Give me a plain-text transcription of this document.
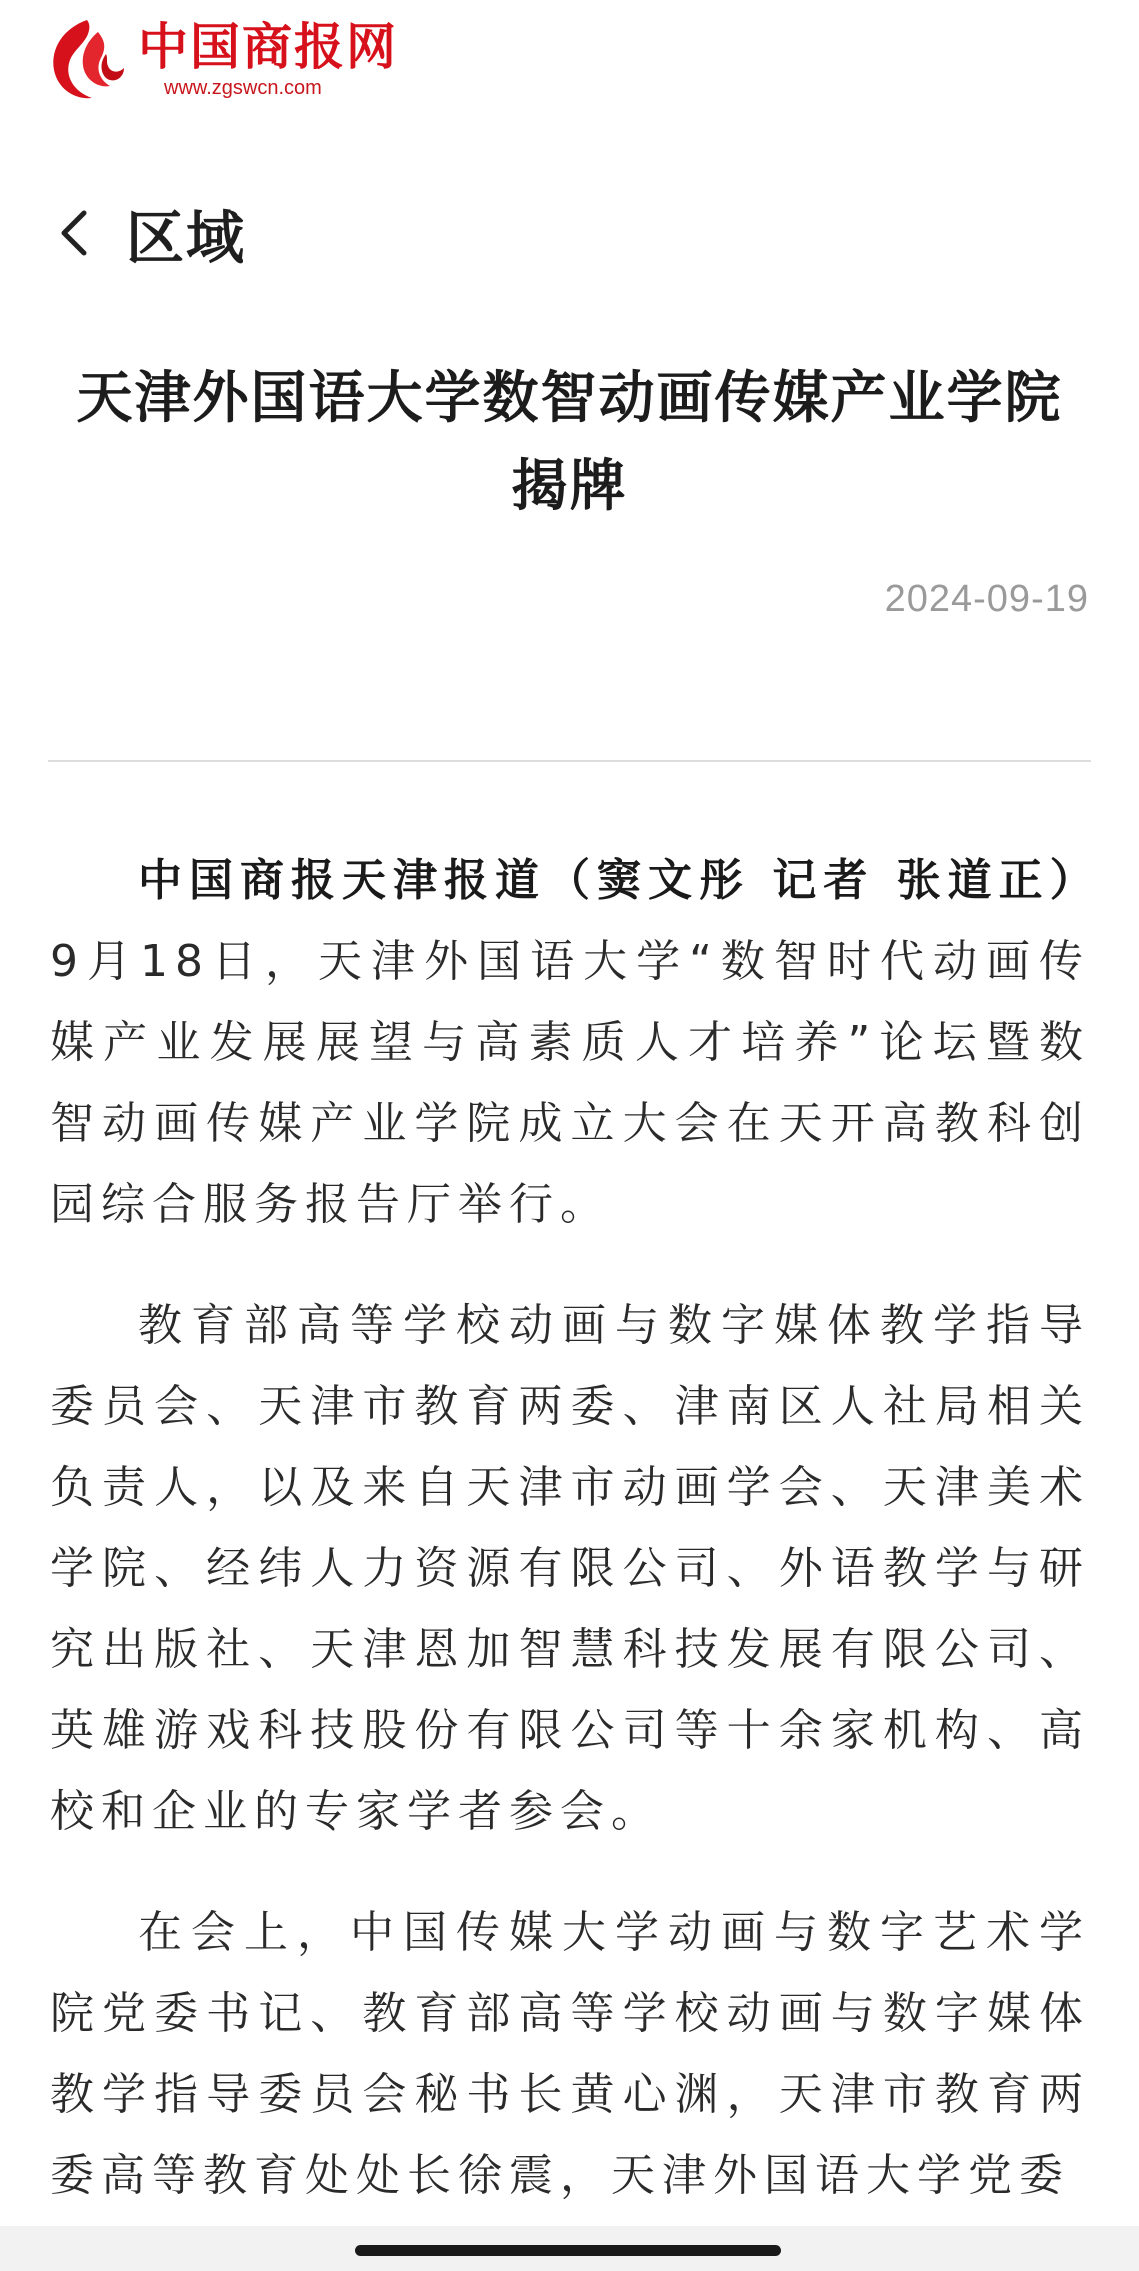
中国商报网
www.zgswcn.com
区域
天津外国语大学数智动画传媒产业学院
揭牌
2024-09-19

中国商报天津报道（窦文彤 记者 张道正）9月18日，天津外国语大学“数智时代动画传媒产业发展展望与高素质人才培养”论坛暨数智动画传媒产业学院成立大会在天开高教科创园综合服务报告厅举行。

教育部高等学校动画与数字媒体教学指导委员会、天津市教育两委、津南区人社局相关负责人，以及来自天津市动画学会、天津美术学院、经纬人力资源有限公司、外语教学与研究出版社、天津恩加智慧科技发展有限公司、英雄游戏科技股份有限公司等十余家机构、高校和企业的专家学者参会。

在会上，中国传媒大学动画与数字艺术学院党委书记、教育部高等学校动画与数字媒体教学指导委员会秘书长黄心渊，天津市教育两委高等教育处处长徐震，天津外国语大学党委
